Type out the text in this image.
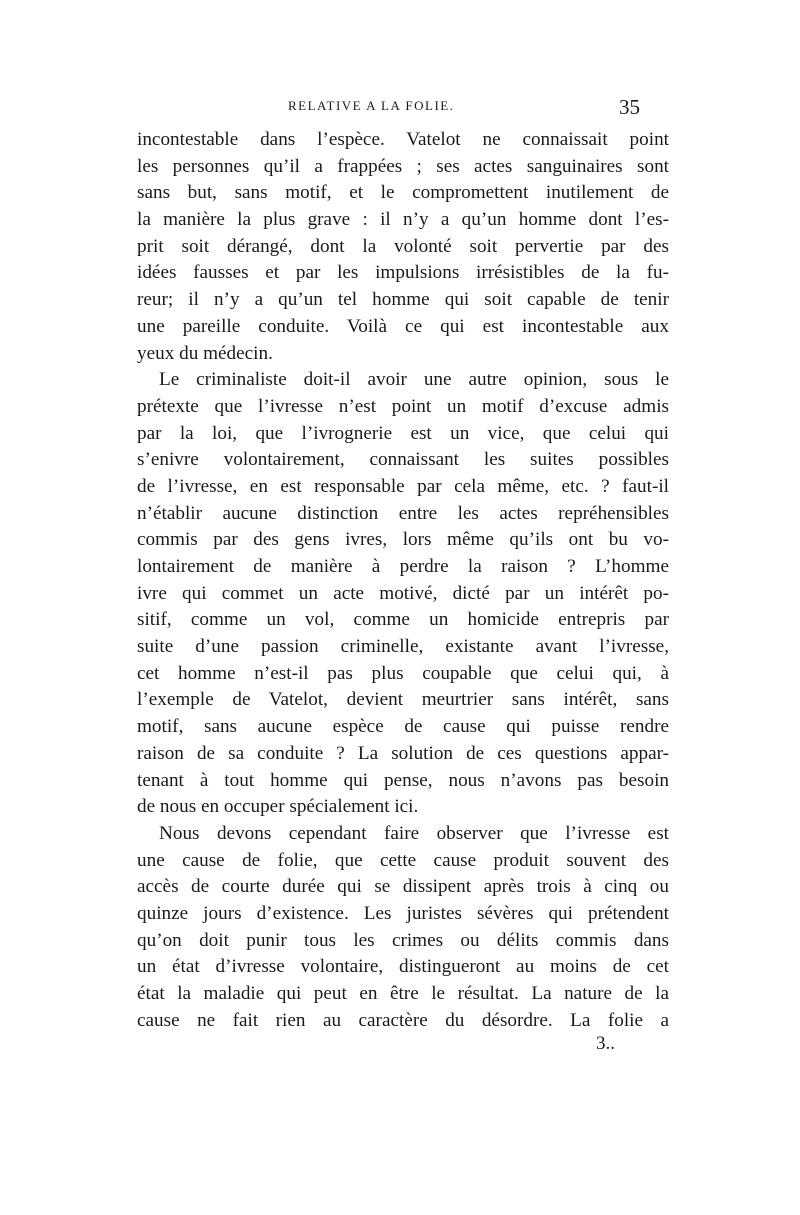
RELATIVE A LA FOLIE.	35
incontestable dans l’espèce. Vatelot ne connaissait point
les personnes qu’il a frappées ; ses actes sanguinaires sont
sans but, sans motif, et le compromettent inutilement de
la manière la plus grave : il n’y a qu’un homme dont l’es-
prit soit dérangé, dont la volonté soit pervertie par des
idées fausses et par les impulsions irrésistibles de la fu-
reur; il n’y a qu’un tel homme qui soit capable de tenir
une pareille conduite. Voilà ce qui est incontestable aux
yeux du médecin.
Le criminaliste doit-il avoir une autre opinion, sous le
prétexte que l’ivresse n’est point un motif d’excuse admis
par la loi, que l’ivrognerie est un vice, que celui qui
s’enivre volontairement, connaissant les suites possibles
de l’ivresse, en est responsable par cela même, etc. ? faut-il
n’établir aucune distinction entre les actes repréhensibles
commis par des gens ivres, lors même qu’ils ont bu vo-
lontairement de manière à perdre la raison ? L’homme
ivre qui commet un acte motivé, dicté par un intérêt po-
sitif, comme un vol, comme un homicide entrepris par
suite d’une passion criminelle, existante avant l’ivresse,
cet homme n’est-il pas plus coupable que celui qui, à
l’exemple de Vatelot, devient meurtrier sans intérêt, sans
motif, sans aucune espèce de cause qui puisse rendre
raison de sa conduite ? La solution de ces questions appar-
tenant à tout homme qui pense, nous n’avons pas besoin
de nous en occuper spécialement ici.
Nous devons cependant faire observer que l’ivresse est
une cause de folie, que cette cause produit souvent des
accès de courte durée qui se dissipent après trois à cinq ou
quinze jours d’existence. Les juristes sévères qui prétendent
qu’on doit punir tous les crimes ou délits commis dans
un état d’ivresse volontaire, distingueront au moins de cet
état la maladie qui peut en être le résultat. La nature de la
cause ne fait rien au caractère du désordre. La folie a
3..
